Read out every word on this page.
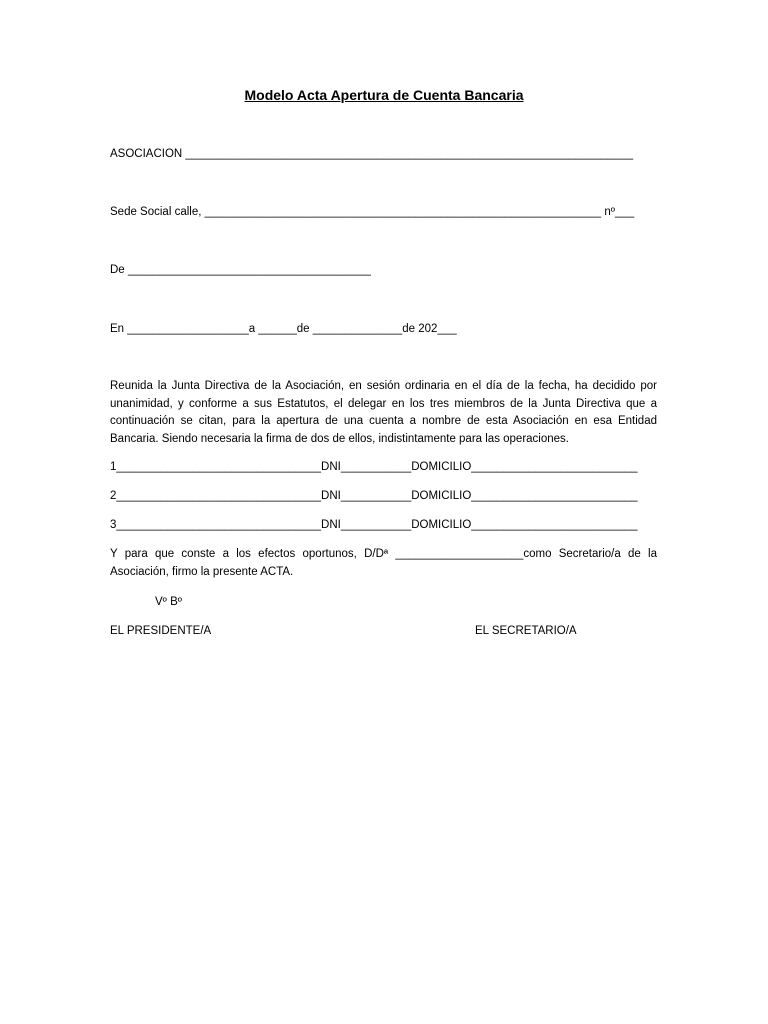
Modelo Acta Apertura de Cuenta Bancaria
ASOCIACION ______________________________________________________________________
Sede Social calle, ______________________________________________________________ nº___
De ______________________________________
En ___________________a ______de ______________de 202___
Reunida la Junta Directiva de la Asociación, en sesión ordinaria en el día de la fecha, ha decidido por unanimidad, y conforme a sus Estatutos, el delegar en los tres miembros de la Junta Directiva que a continuación se citan, para la apertura de una cuenta a nombre de esta Asociación en esa Entidad Bancaria. Siendo necesaria la firma de dos de ellos, indistintamente para las operaciones.
1________________________________DNI___________DOMICILIO__________________________
2________________________________DNI___________DOMICILIO__________________________
3________________________________DNI___________DOMICILIO__________________________
Y para que conste a los efectos oportunos, D/Dª ____________________como Secretario/a de la Asociación, firmo la presente ACTA.
Vº Bº
EL PRESIDENTE/A	EL SECRETARIO/A
